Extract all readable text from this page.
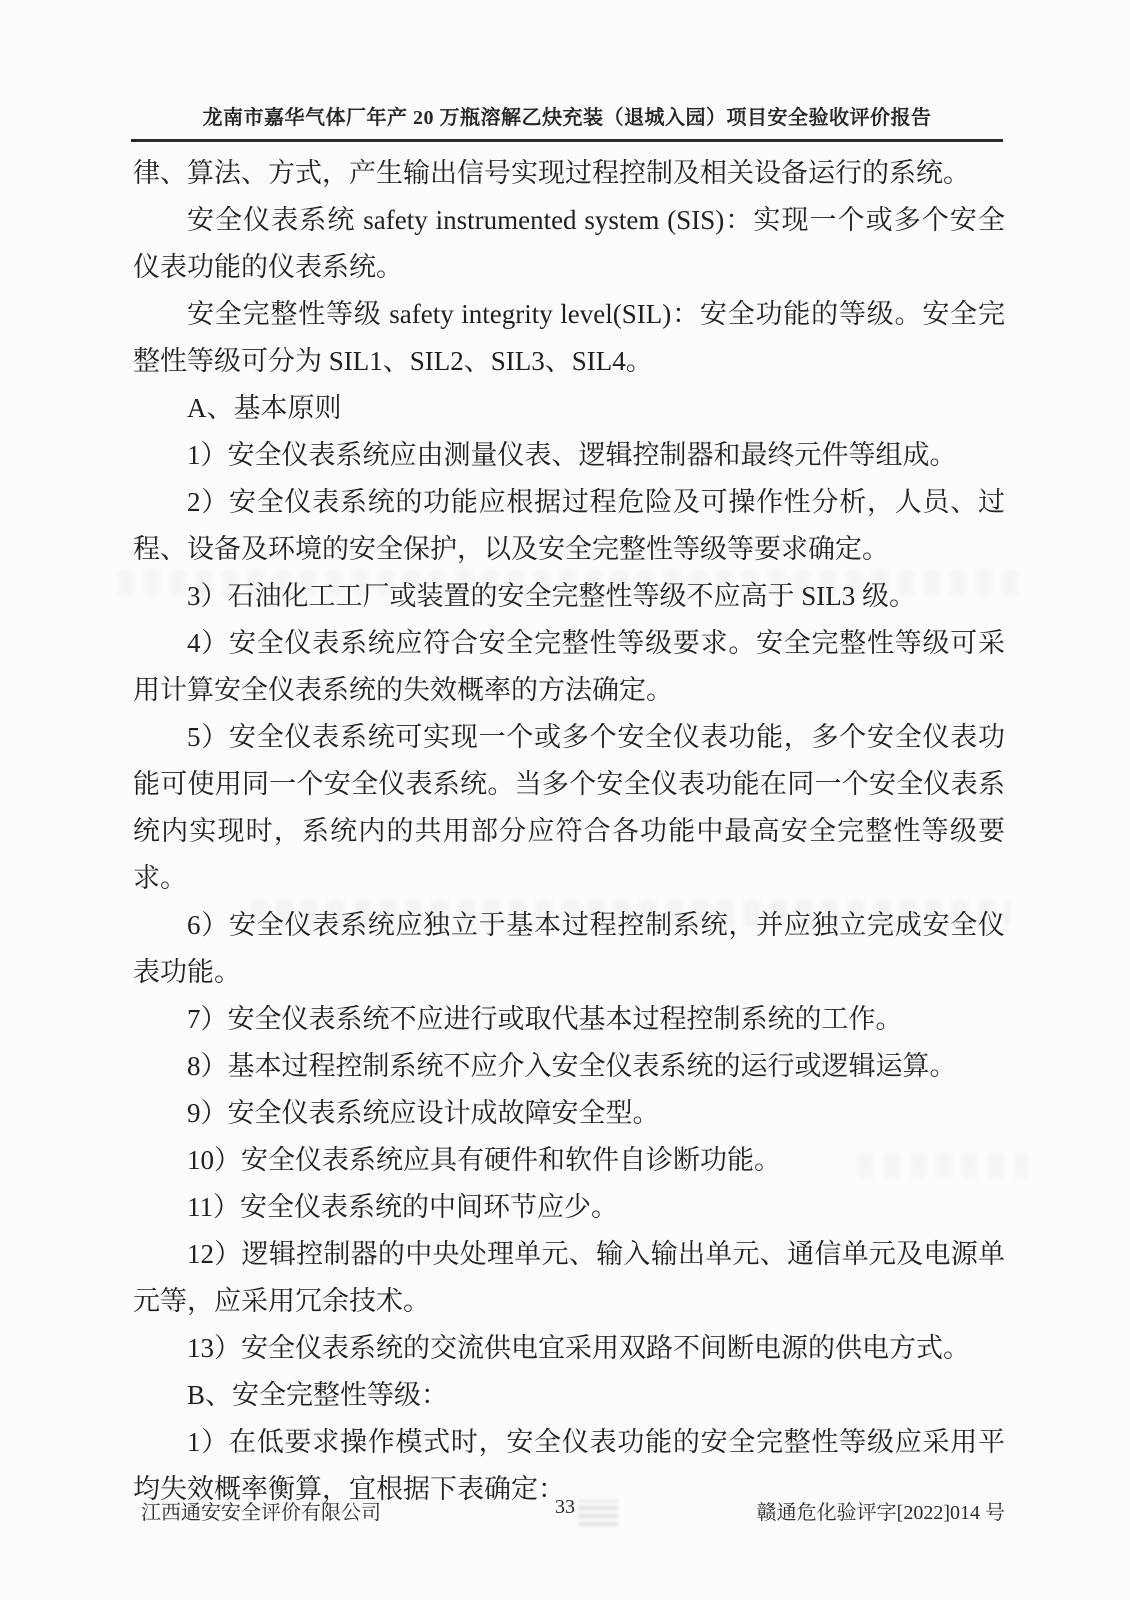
龙南市嘉华气体厂年产 20 万瓶溶解乙炔充装（退城入园）项目安全验收评价报告

律、算法、方式，产生输出信号实现过程控制及相关设备运行的系统。

安全仪表系统 safety instrumented system (SIS)：实现一个或多个安全仪表功能的仪表系统。

安全完整性等级 safety integrity level(SIL)：安全功能的等级。安全完整性等级可分为 SIL1、SIL2、SIL3、SIL4。

A、基本原则

1）安全仪表系统应由测量仪表、逻辑控制器和最终元件等组成。

2）安全仪表系统的功能应根据过程危险及可操作性分析，人员、过程、设备及环境的安全保护，以及安全完整性等级等要求确定。

3）石油化工工厂或装置的安全完整性等级不应高于 SIL3 级。

4）安全仪表系统应符合安全完整性等级要求。安全完整性等级可采用计算安全仪表系统的失效概率的方法确定。

5）安全仪表系统可实现一个或多个安全仪表功能，多个安全仪表功能可使用同一个安全仪表系统。当多个安全仪表功能在同一个安全仪表系统内实现时，系统内的共用部分应符合各功能中最高安全完整性等级要求。

6）安全仪表系统应独立于基本过程控制系统，并应独立完成安全仪表功能。

7）安全仪表系统不应进行或取代基本过程控制系统的工作。

8）基本过程控制系统不应介入安全仪表系统的运行或逻辑运算。

9）安全仪表系统应设计成故障安全型。

10）安全仪表系统应具有硬件和软件自诊断功能。

11）安全仪表系统的中间环节应少。

12）逻辑控制器的中央处理单元、输入输出单元、通信单元及电源单元等，应采用冗余技术。

13）安全仪表系统的交流供电宜采用双路不间断电源的供电方式。

B、安全完整性等级：

1）在低要求操作模式时，安全仪表功能的安全完整性等级应采用平均失效概率衡算，宜根据下表确定：

江西通安安全评价有限公司	33	赣通危化验评字[2022]014 号
